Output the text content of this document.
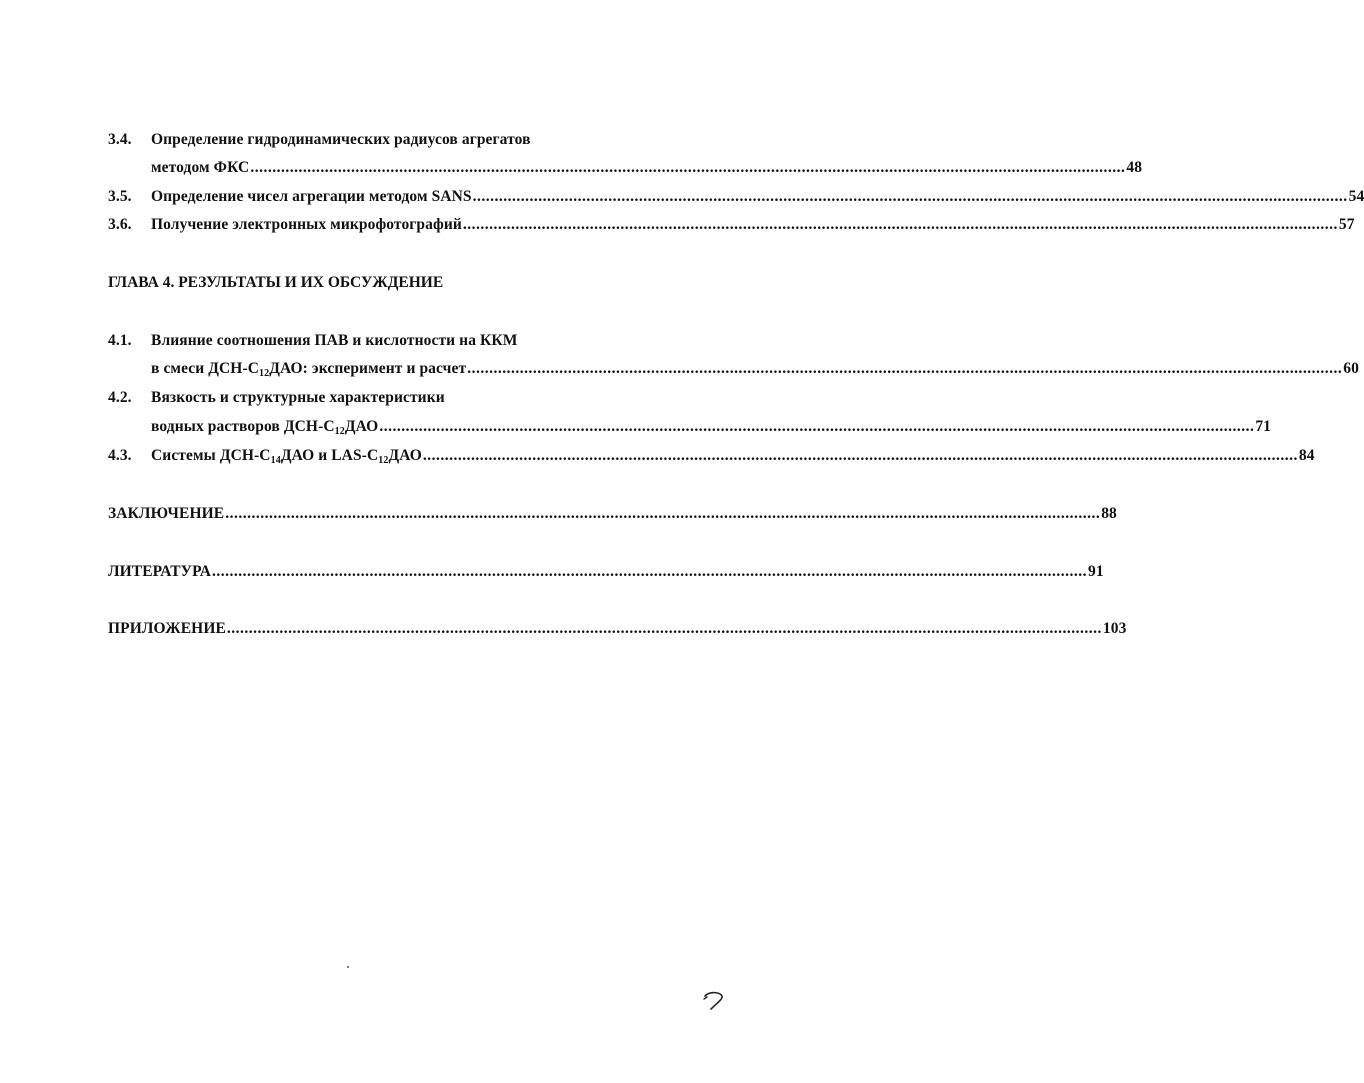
3.4. Определение гидродинамических радиусов агрегатов
методом ФКС ........................................................................................................................................................................................................ 48
3.5. Определение чисел агрегации методом SANS ........................................................................................................................................................................................................ 54
3.6. Получение электронных микрофотографий ........................................................................................................................................................................................................ 57
ГЛАВА 4. РЕЗУЛЬТАТЫ И ИХ ОБСУЖДЕНИЕ
4.1. Влияние соотношения ПАВ и кислотности на ККМ
в смеси ДСН-$С_{12}ДАО$: эксперимент и расчет ........................................................................................................................................................................................................ 60
4.2. Вязкость и структурные характеристики
водных растворов ДСН-$С_{12}ДАО$ ........................................................................................................................................................................................................ 71
4.3. Системы ДСН-$С_{14}ДАО$ и LAS-$C_{12}ДАО$ ........................................................................................................................................................................................................ 84
ЗАКЛЮЧЕНИЕ ........................................................................................................................................................................................................ 88
ЛИТЕРАТУРА ........................................................................................................................................................................................................ 91
ПРИЛОЖЕНИЕ ........................................................................................................................................................................................................ 103
